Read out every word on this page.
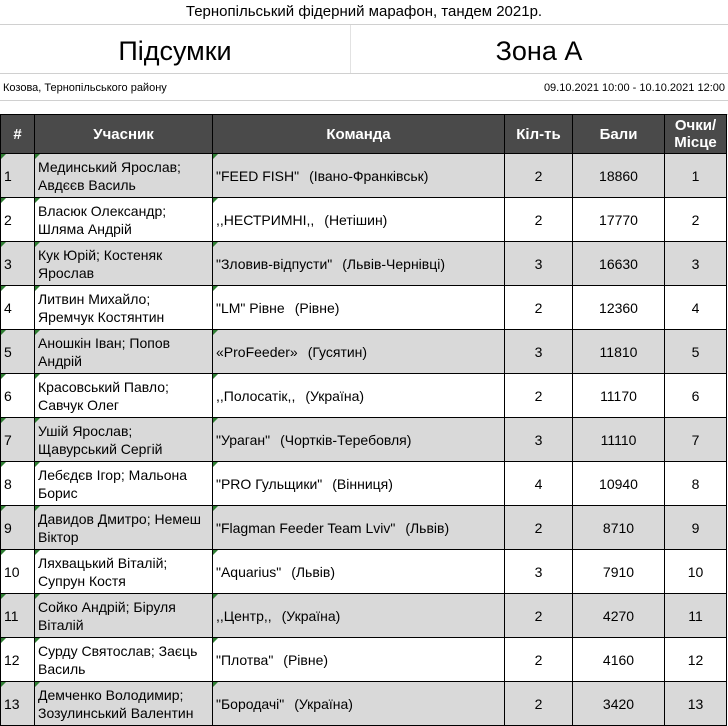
Тернопільський фідерний марафон, тандем 2021р.
Підсумки	Зона А
Козова, Тернопільського району	09.10.2021 10:00 - 10.10.2021 12:00
#	Учасник	Команда	Кіл-ть	Бали	Очки/ Місце

1	Мединський Ярослав; Авдєєв Василь	"FEED FISH" (Івано-Франківськ)	2	18860	1

2	Власюк Олександр; Шляма Андрій	,,НЕСТРИМНІ,, (Нетішин)	2	17770	2

3	Кук Юрій; Костеняк Ярослав	"Зловив-відпусти" (Львів-Чернівці)	3	16630	3

4	Литвин Михайло; Яремчук Костянтин	"LM" Рівне (Рівне)	2	12360	4

5	Аношкін Іван; Попов Андрій	«ProFeeder» (Гусятин)	3	11810	5

6	Красовський Павло; Савчук Олег	,,Полосатік,, (Україна)	2	11170	6

7	Ушій Ярослав; Щавурський Сергій	"Ураган" (Чортків-Теребовля)	3	11110	7

8	Лебєдєв Ігор; Мальона Борис	"PRO Гульщики" (Вінниця)	4	10940	8

9	Давидов Дмитро; Немеш Віктор	"Flagman Feeder Team Lviv" (Львів)	2	8710	9

10	Ляхвацький Віталій; Супрун Костя	"Aquarius" (Львів)	3	7910	10

11	Сойко Андрій; Біруля Віталій	,,Центр,, (Україна)	2	4270	11

12	Сурду Святослав; Заєць Василь	"Плотва" (Рівне)	2	4160	12

13	Демченко Володимир; Зозулинський Валентин	"Бородачі" (Україна)	2	3420	13
